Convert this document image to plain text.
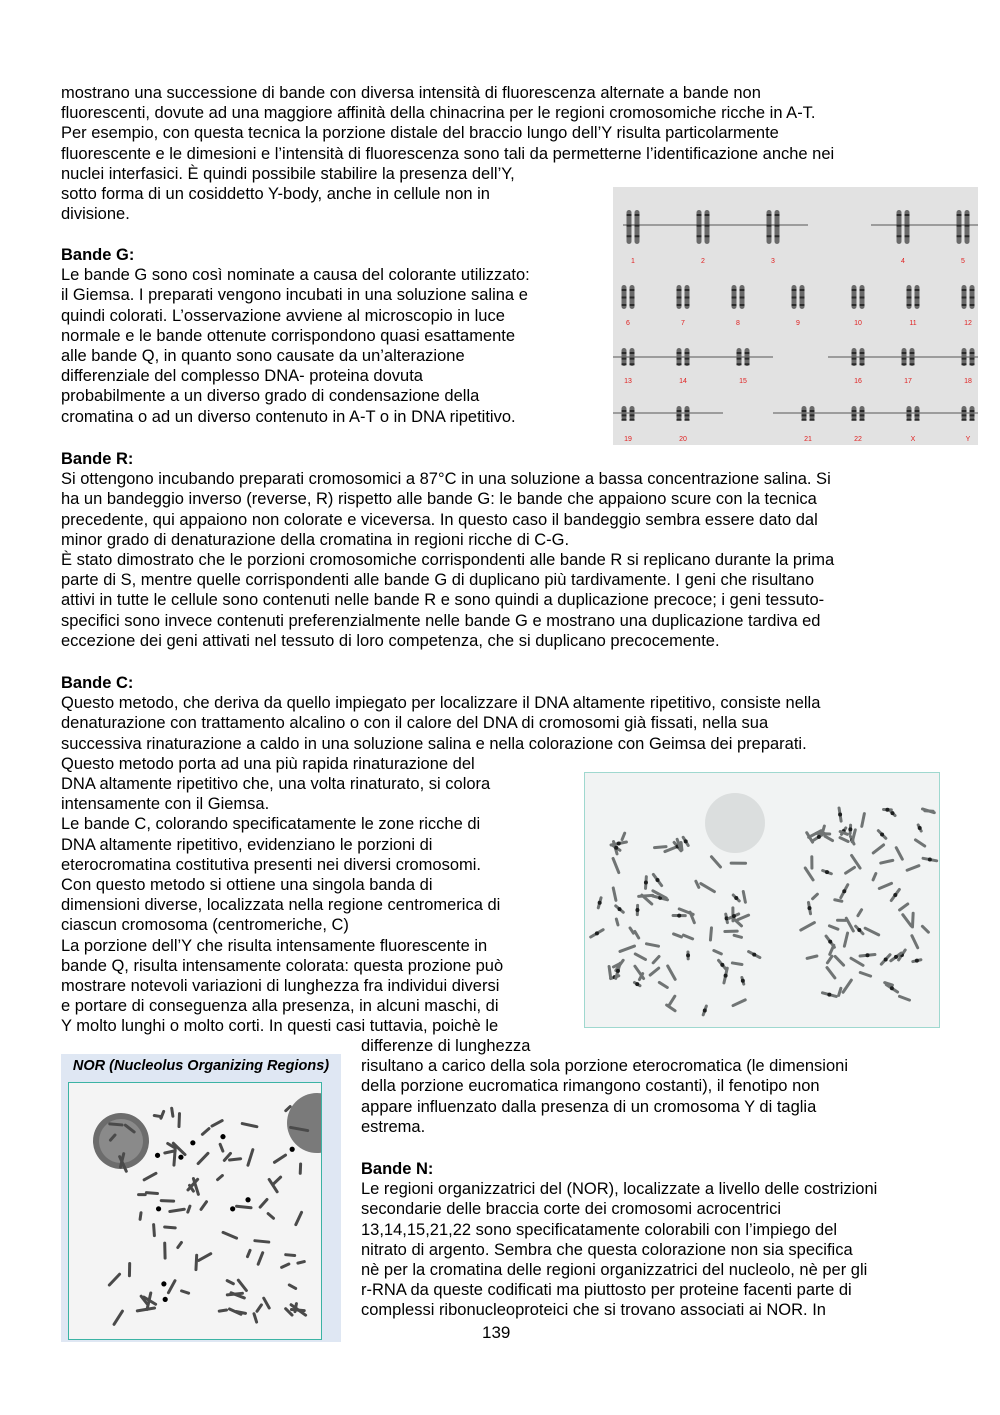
mostrano una successione di bande con diversa intensità di fluorescenza alternate a bande non

fluorescenti, dovute ad una maggiore affinità della chinacrina per le regioni cromosomiche ricche in A-T.

Per esempio, con questa tecnica la porzione distale del braccio lungo dell’Y risulta particolarmente

fluorescente e le dimesioni e l’intensità di fluorescenza sono tali da permetterne l’identificazione anche nei

nuclei interfasici. È quindi possibile stabilire la presenza dell’Y,

sotto forma di un cosiddetto Y-body, anche in cellule non in

divisione.

Bande G:

Le bande G sono così nominate a causa del colorante utilizzato:

il Giemsa. I preparati vengono incubati in una soluzione salina e

quindi colorati. L’osservazione avviene al microscopio in luce

normale e le bande ottenute corrispondono quasi esattamente

alle bande Q, in quanto sono causate da un’alterazione

differenziale del complesso DNA- proteina dovuta

probabilmente a un diverso grado di condensazione della

cromatina o ad un diverso contenuto in A-T o in DNA ripetitivo.

1	2	3	4	5
6	7	8	9	10	11	12
13	14	15	16	17	18
19	20	21	22	X	Y

Bande R:

Si ottengono incubando preparati cromosomici a 87°C in una soluzione a bassa concentrazione salina. Si

ha un bandeggio inverso (reverse, R) rispetto alle bande G: le bande che appaiono scure con la tecnica

precedente, qui appaiono non colorate e viceversa. In questo caso il bandeggio sembra essere dato dal

minor grado di denaturazione della cromatina in regioni ricche di C-G.

È stato dimostrato che le porzioni cromosomiche corrispondenti alle bande R si replicano durante la prima

parte di S, mentre quelle corrispondenti alle bande G di duplicano più tardivamente. I geni che risultano

attivi in tutte le cellule sono contenuti nelle bande R e sono quindi a duplicazione precoce; i geni tessuto-

specifici sono invece contenuti preferenzialmente nelle bande G e mostrano una duplicazione tardiva ed

eccezione dei geni attivati nel tessuto di loro competenza, che si duplicano precocemente.

Bande C:

Questo metodo, che deriva da quello impiegato per localizzare il DNA altamente ripetitivo, consiste nella

denaturazione con trattamento alcalino o con il calore del DNA di cromosomi già fissati, nella sua

successiva rinaturazione a caldo in una soluzione salina e nella colorazione con Geimsa dei preparati.

Questo metodo porta ad una più rapida rinaturazione del

DNA altamente ripetitivo che, una volta rinaturato, si colora

intensamente con il Giemsa.

Le bande C, colorando specificatamente le zone ricche di

DNA altamente ripetitivo, evidenziano le porzioni di

eterocromatina costitutiva presenti nei diversi cromosomi.

Con questo metodo si ottiene una singola banda di

dimensioni diverse, localizzata nella regione centromerica di

ciascun cromosoma (centromeriche, C)

La porzione dell’Y che risulta intensamente fluorescente in

bande Q, risulta intensamente colorata: questa prozione può

mostrare notevoli variazioni di lunghezza fra individui diversi

e portare di conseguenza alla presenza, in alcuni maschi, di

Y molto lunghi o molto corti. In questi casi tuttavia, poichè le

differenze di lunghezza

risultano a carico della sola porzione eterocromatica (le dimensioni

della porzione eucromatica rimangono costanti), il fenotipo non

appare influenzato dalla presenza di un cromosoma Y di taglia

estrema.

Bande N:

Le regioni organizzatrici del (NOR), localizzate a livello delle costrizioni

secondarie delle braccia corte dei cromosomi acrocentrici

13,14,15,21,22 sono specificatamente colorabili con l’impiego del

nitrato di argento. Sembra che questa colorazione non sia specifica

nè per la cromatina delle regioni organizzatrici del nucleolo, nè per gli

r-RNA da queste codificati ma piuttosto per proteine facenti parte di

complessi ribonucleoproteici che si trovano associati ai NOR. In

NOR (Nucleolus Organizing Regions)
139
